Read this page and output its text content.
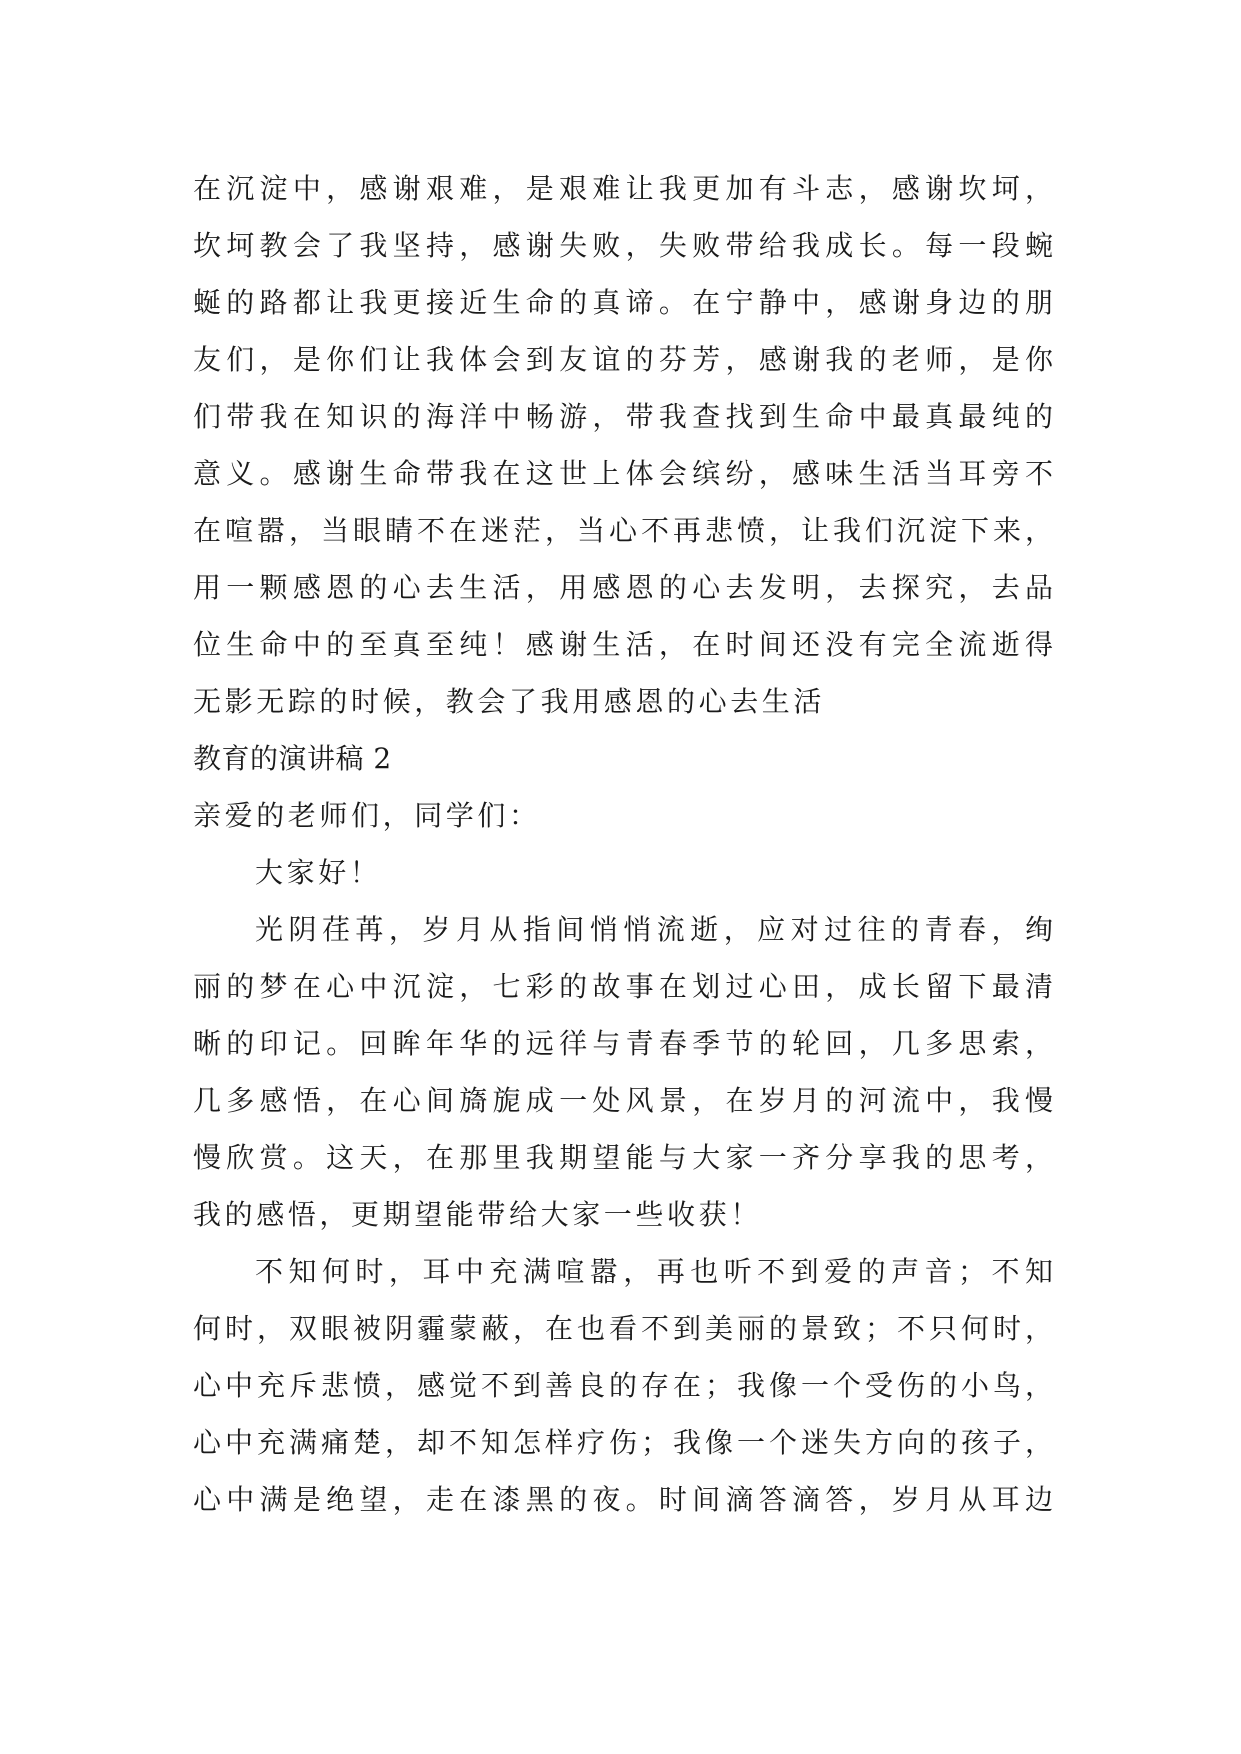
在沉淀中，感谢艰难，是艰难让我更加有斗志，感谢坎坷，
坎坷教会了我坚持，感谢失败，失败带给我成长。每一段蜿
蜒的路都让我更接近生命的真谛。在宁静中，感谢身边的朋
友们，是你们让我体会到友谊的芬芳，感谢我的老师，是你
们带我在知识的海洋中畅游，带我查找到生命中最真最纯的
意义。感谢生命带我在这世上体会缤纷，感味生活当耳旁不
在喧嚣，当眼睛不在迷茫，当心不再悲愤，让我们沉淀下来，
用一颗感恩的心去生活，用感恩的心去发明，去探究，去品
位生命中的至真至纯！感谢生活，在时间还没有完全流逝得
无影无踪的时候，教会了我用感恩的心去生活
教育的演讲稿 2
亲爱的老师们，同学们：
大家好！
光阴荏苒，岁月从指间悄悄流逝，应对过往的青春，绚
丽的梦在心中沉淀，七彩的故事在划过心田，成长留下最清
晰的印记。回眸年华的远徉与青春季节的轮回，几多思索，
几多感悟，在心间旖旎成一处风景，在岁月的河流中，我慢
慢欣赏。这天，在那里我期望能与大家一齐分享我的思考，
我的感悟，更期望能带给大家一些收获！
不知何时，耳中充满喧嚣，再也听不到爱的声音；不知
何时，双眼被阴霾蒙蔽，在也看不到美丽的景致；不只何时，
心中充斥悲愤，感觉不到善良的存在；我像一个受伤的小鸟，
心中充满痛楚，却不知怎样疗伤；我像一个迷失方向的孩子，
心中满是绝望，走在漆黑的夜。时间滴答滴答，岁月从耳边
